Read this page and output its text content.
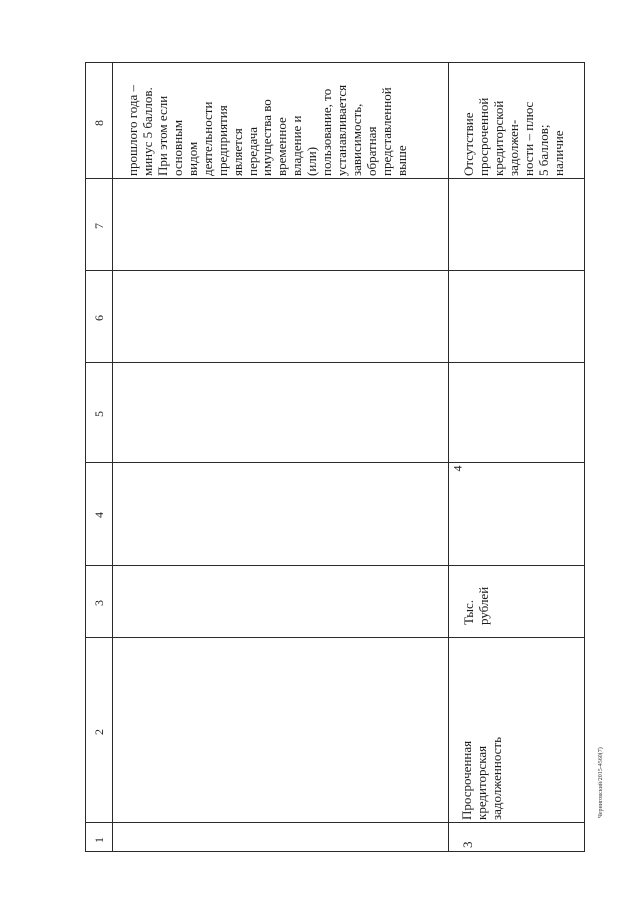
4
Черниговский/2015-4560(7)
8
7
6
5
4
3
2
1
прошлого года – минус 5 баллов. При этом если основным видом деятельности предприятия является передача имущества во временное владение и (или) пользование, то устанавливается зависимость, обратная представленной выше
3
Просроченная кредиторская задолженность
Тыс. рублей
Отсутствие просроченной кредиторской задолжен- ности – плюс 5 баллов; наличие
